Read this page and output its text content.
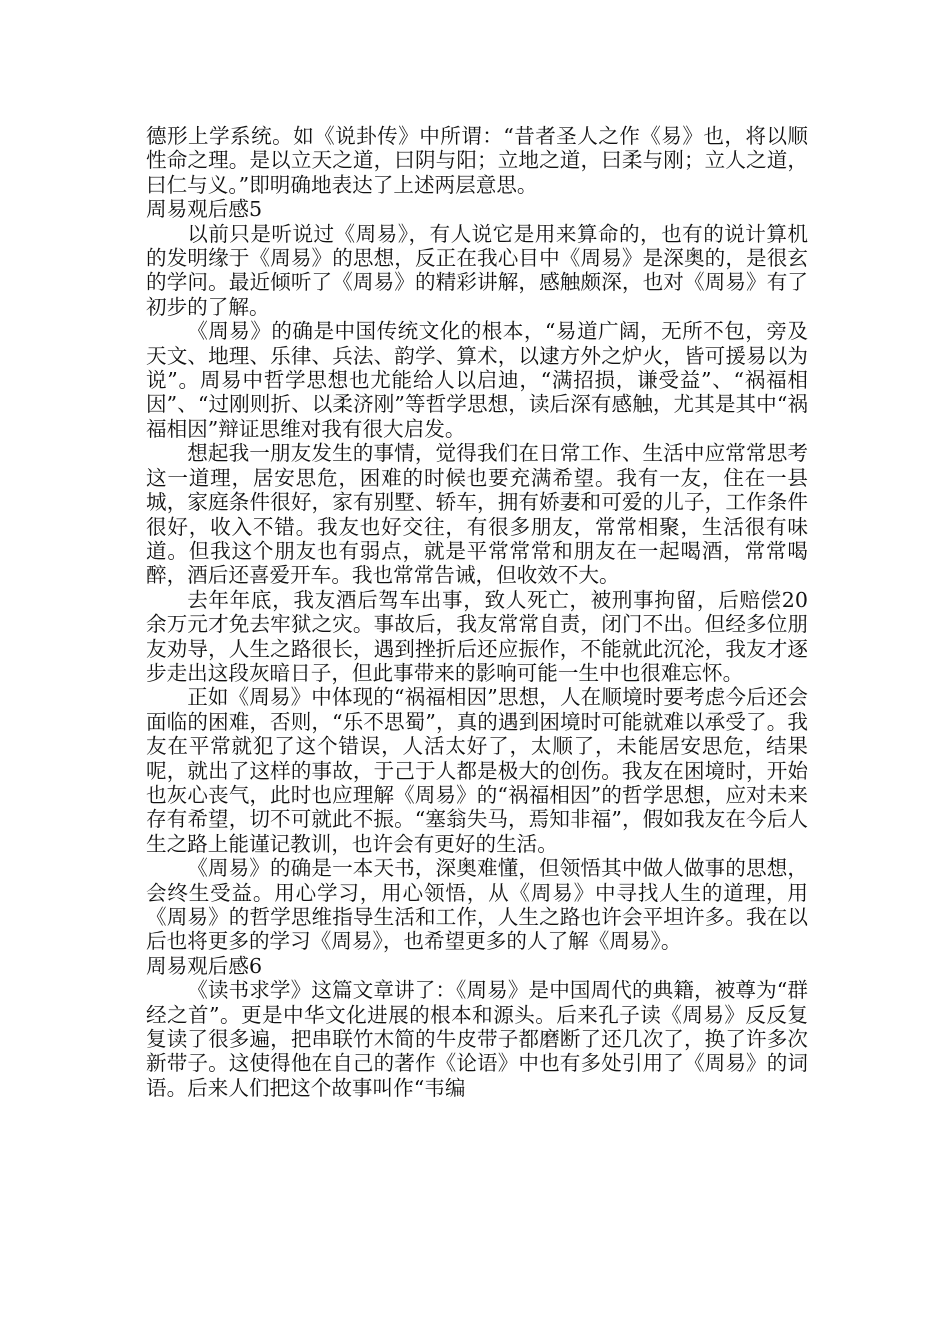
德形上学系统。如《说卦传》中所谓：“昔者圣人之作《易》也，将以顺性命之理。是以立天之道，曰阴与阳；立地之道，曰柔与刚；立人之道，曰仁与义。”即明确地表达了上述两层意思。

周易观后感5

以前只是听说过《周易》，有人说它是用来算命的，也有的说计算机的发明缘于《周易》的思想，反正在我心目中《周易》是深奥的，是很玄的学问。最近倾听了《周易》的精彩讲解，感触颇深，也对《周易》有了初步的了解。

《周易》的确是中国传统文化的根本，“易道广阔，无所不包，旁及天文、地理、乐律、兵法、韵学、算术，以逮方外之炉火，皆可援易以为说”。周易中哲学思想也尤能给人以启迪，“满招损，谦受益”、“祸福相因”、“过刚则折、以柔济刚”等哲学思想，读后深有感触，尤其是其中“祸福相因”辩证思维对我有很大启发。

想起我一朋友发生的事情，觉得我们在日常工作、生活中应常常思考这一道理，居安思危，困难的时候也要充满希望。我有一友，住在一县城，家庭条件很好，家有别墅、轿车，拥有娇妻和可爱的儿子，工作条件很好，收入不错。我友也好交往，有很多朋友，常常相聚，生活很有味道。但我这个朋友也有弱点，就是平常常常和朋友在一起喝酒，常常喝醉，酒后还喜爱开车。我也常常告诫，但收效不大。

去年年底，我友酒后驾车出事，致人死亡，被刑事拘留，后赔偿20余万元才免去牢狱之灾。事故后，我友常常自责，闭门不出。但经多位朋友劝导，人生之路很长，遇到挫折后还应振作，不能就此沉沦，我友才逐步走出这段灰暗日子，但此事带来的影响可能一生中也很难忘怀。

正如《周易》中体现的“祸福相因”思想，人在顺境时要考虑今后还会面临的困难，否则，“乐不思蜀”，真的遇到困境时可能就难以承受了。我友在平常就犯了这个错误，人活太好了，太顺了，未能居安思危，结果呢，就出了这样的事故，于己于人都是极大的创伤。我友在困境时，开始也灰心丧气，此时也应理解《周易》的“祸福相因”的哲学思想，应对未来存有希望，切不可就此不振。“塞翁失马，焉知非福”，假如我友在今后人生之路上能谨记教训，也许会有更好的生活。

《周易》的确是一本天书，深奥难懂，但领悟其中做人做事的思想，会终生受益。用心学习，用心领悟，从《周易》中寻找人生的道理，用《周易》的哲学思维指导生活和工作，人生之路也许会平坦许多。我在以后也将更多的学习《周易》，也希望更多的人了解《周易》。

周易观后感6

《读书求学》这篇文章讲了：《周易》是中国周代的典籍，被尊为“群经之首”。更是中华文化进展的根本和源头。后来孔子读《周易》反反复复读了很多遍，把串联竹木简的牛皮带子都磨断了还几次了，换了许多次新带子。这使得他在自己的著作《论语》中也有多处引用了《周易》的词语。后来人们把这个故事叫作“韦编
